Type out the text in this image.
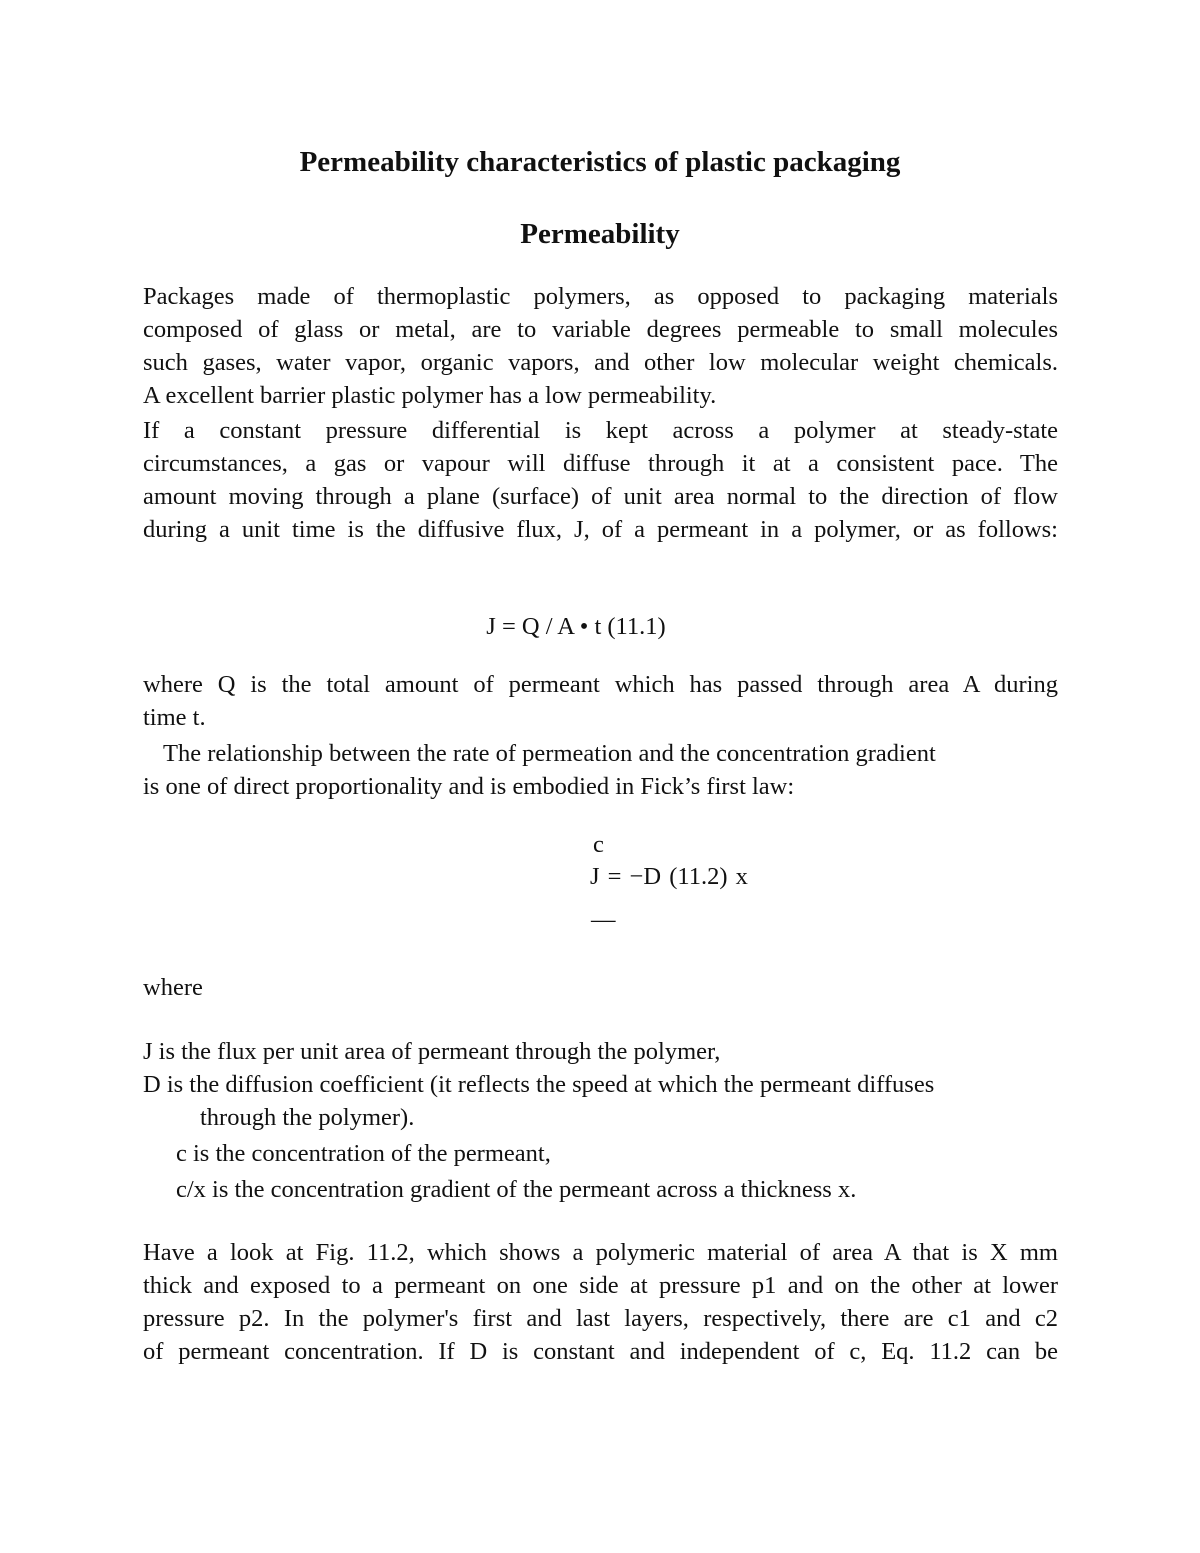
Permeability characteristics of plastic packaging
Permeability
Packages made of thermoplastic polymers, as opposed to packaging materials
composed of glass or metal, are to variable degrees permeable to small molecules
such gases, water vapor, organic vapors, and other low molecular weight chemicals.
A excellent barrier plastic polymer has a low permeability.
If a constant pressure differential is kept across a polymer at steady-state
circumstances, a gas or vapour will diffuse through it at a consistent pace. The
amount moving through a plane (surface) of unit area normal to the direction of flow
during a unit time is the diffusive flux, J, of a permeant in a polymer, or as follows:
J = Q / A • t (11.1)
where Q is the total amount of permeant which has passed through area A during
time t.
The relationship between the rate of permeation and the concentration gradient
is one of direct proportionality and is embodied in Fick’s first law:
c
J = −D (11.2) x
—
where
J is the flux per unit area of permeant through the polymer,
D is the diffusion coefficient (it reflects the speed at which the permeant diffuses
through the polymer).
c is the concentration of the permeant,
c/x is the concentration gradient of the permeant across a thickness x.
Have a look at Fig. 11.2, which shows a polymeric material of area A that is X mm
thick and exposed to a permeant on one side at pressure p1 and on the other at lower
pressure p2. In the polymer's first and last layers, respectively, there are c1 and c2
of permeant concentration. If D is constant and independent of c, Eq. 11.2 can be
